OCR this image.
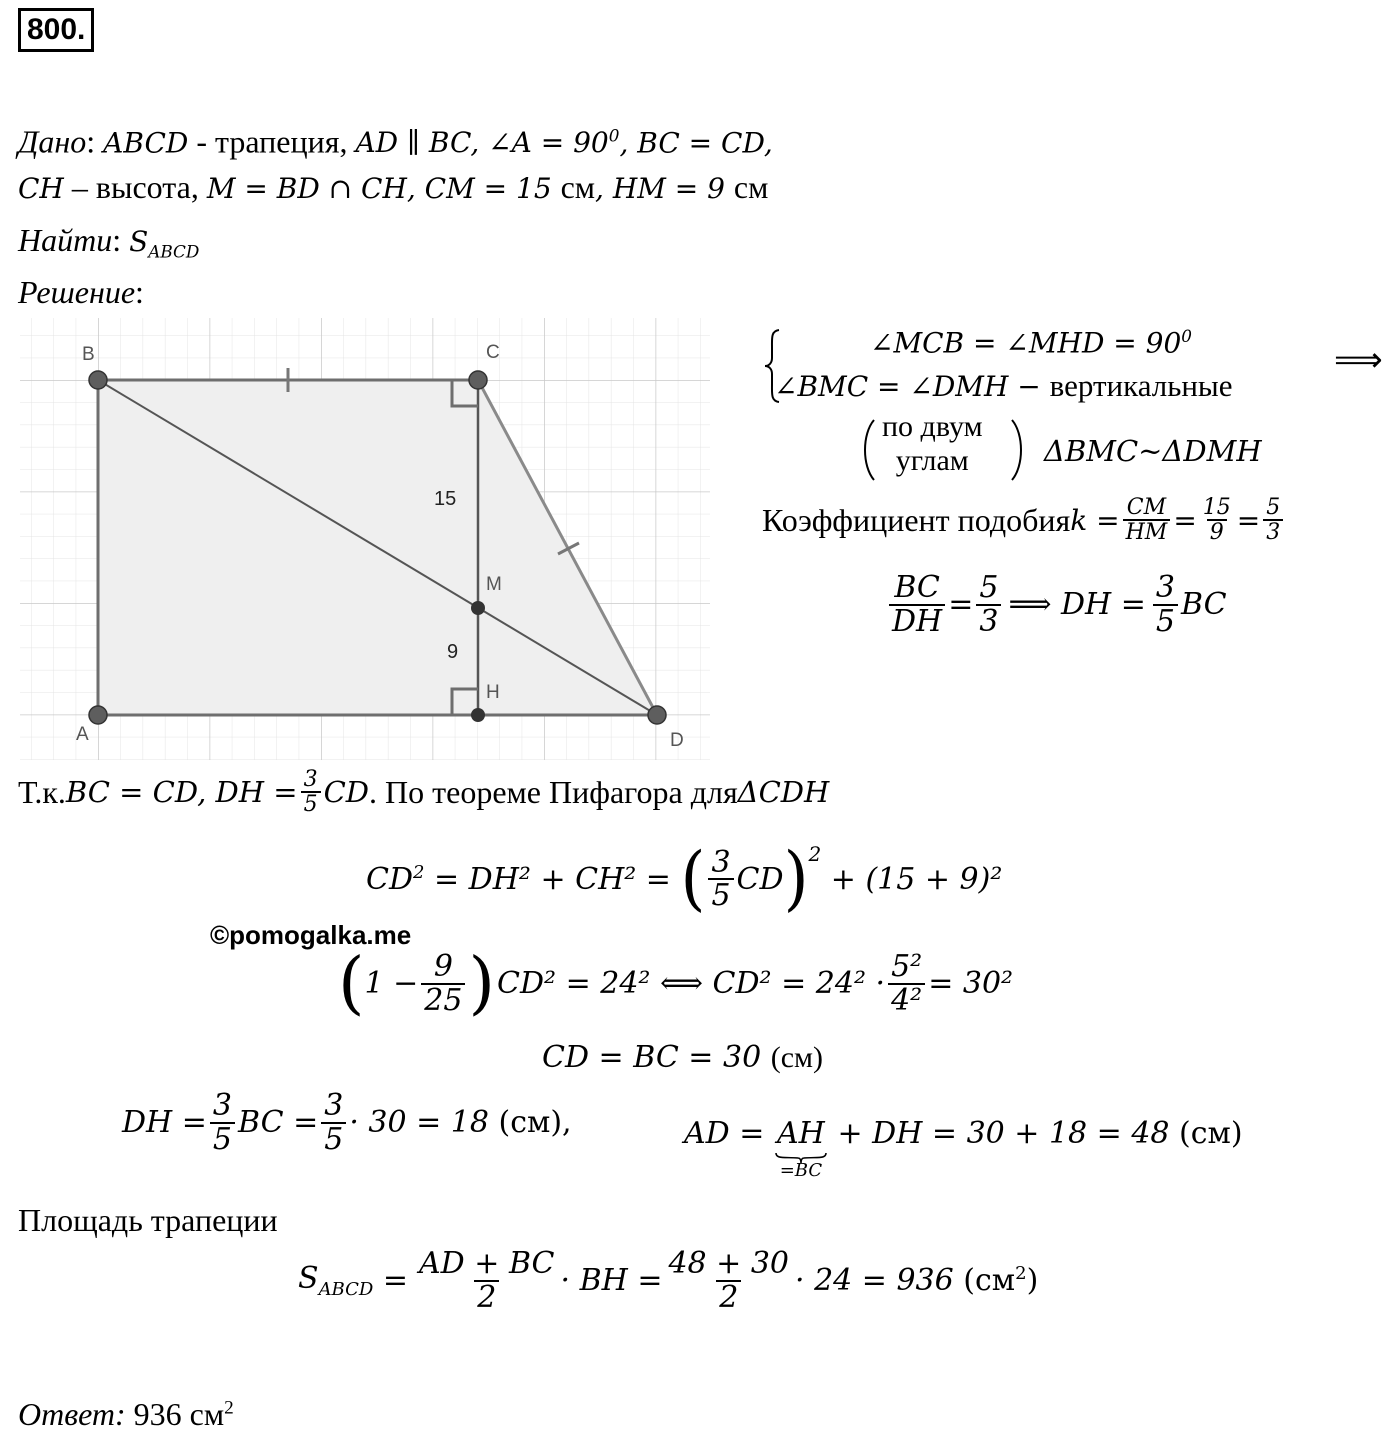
800.
Дано: ABCD - трапеция, AD ∥ BC, ∠A = $90^0$, BC = CD,
CH – высота, M = BD ∩ CH, CM = 15 см, HM = 9 см
Найти: $S_{ABCD}$
Решение:
B	C
M
H
A	D
15
9
∠MCB = ∠MHD = $90^0$
∠BMC = ∠DMH − вертикальные
⟹
по двум
углам	ΔBMC~ΔDMH
Коэффициент подобия $k = \frac{CM}{HM} = \frac{15}{9} = \frac{5}{3}$
$\frac{BC}{DH} = \frac{5}{3}$ ⟹ DH = $\frac{3}{5}$ BC
Т.к. BC = CD, DH = $\frac{3}{5}$ CD . По теореме Пифагора для ΔCDH
$CD^2 = DH^2 + CH^2$ = ( $\frac{3}{5}$ CD )$^2$
+ (15 + 9)²
©pomogalka.me
( $1 - \frac{9}{25}$ ) CD² = 24² ⟺ $CD^2 = 24^2 \cdot \frac{\text{5²}}{\text{4²}} = 30^2$
CD = BC = 30 (см)
DH = $\frac{3}{5}$ BC = $\frac{3}{5} \cdot 30 = 18$ (см),	AD = AH
=BC
+ DH = 30 + 18 = 48 (см)
Площадь трапеции
$S_{ABCD} = \frac{AD + BC}{2}$ · BH = $\frac{48 + 30}{2} \cdot 24 = 936$ $(см^2)$
Ответ: 936 $см^2$
